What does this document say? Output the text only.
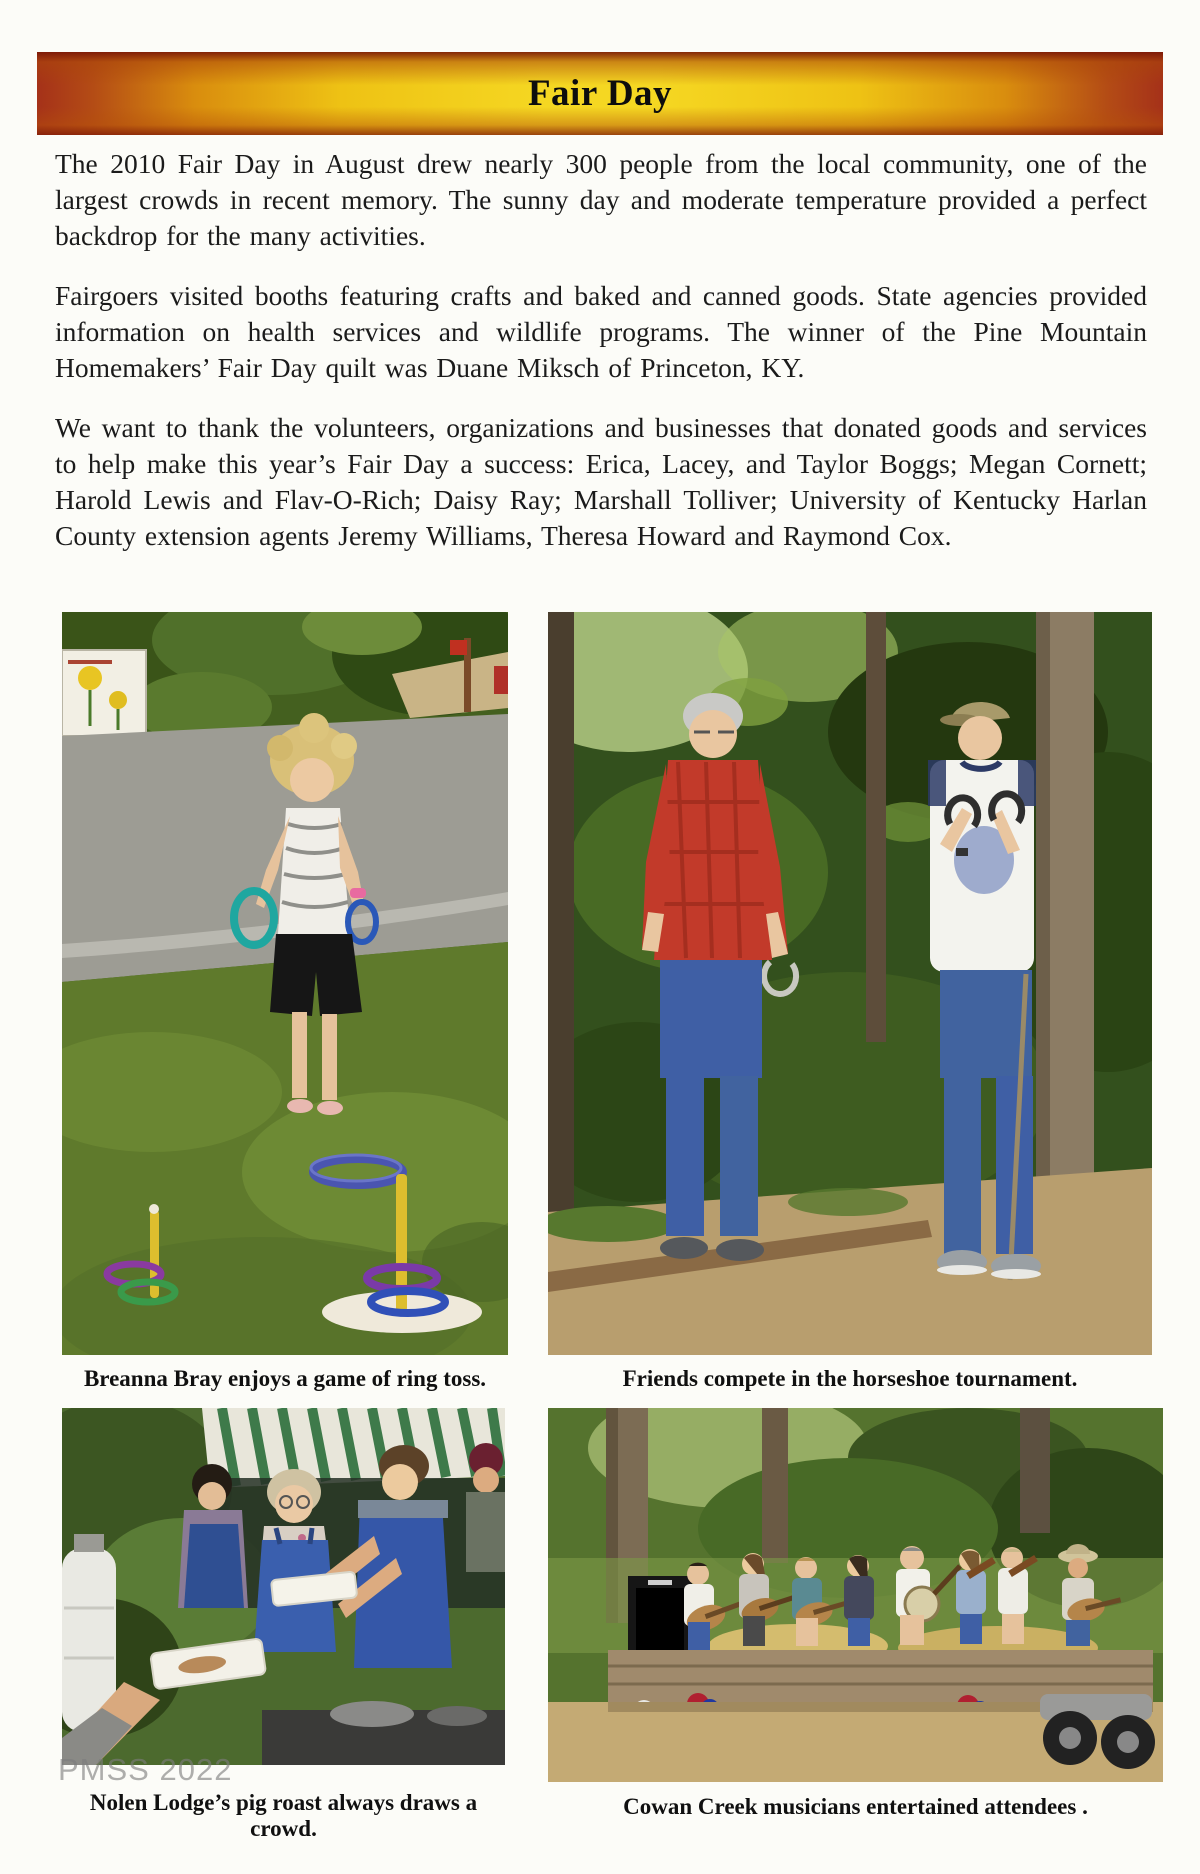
Fair Day

The 2010 Fair Day in August drew nearly 300 people from the local community, one of the largest crowds in recent memory. The sunny day and moderate temperature provided a perfect backdrop for the many activities.

Fairgoers visited booths featuring crafts and baked and canned goods. State agencies provided information on health services and wildlife programs. The winner of the Pine Mountain Homemakers’ Fair Day quilt was Duane Miksch of Princeton, KY.

We want to thank the volunteers, organizations and businesses that donated goods and services to help make this year’s Fair Day a success: Erica, Lacey, and Taylor Boggs; Megan Cornett; Harold Lewis and Flav-O-Rich; Daisy Ray; Marshall Tolliver; University of Kentucky Harlan County extension agents Jeremy Williams, Theresa Howard and Raymond Cox.

Breanna Bray enjoys a game of ring toss.	Friends compete in the horseshoe tournament.
PMSS 2022
Nolen Lodge’s pig roast always draws a crowd.
Cowan Creek musicians entertained attendees .
